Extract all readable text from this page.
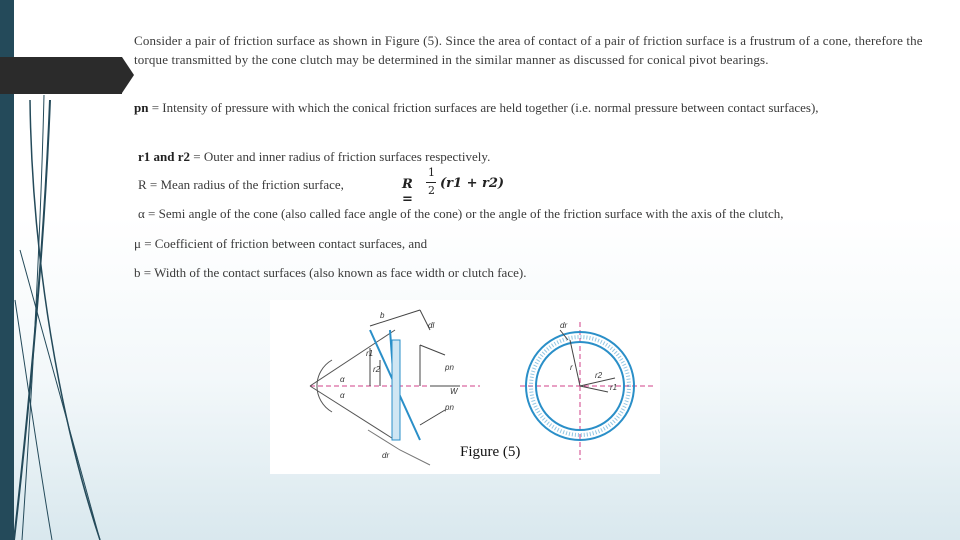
Consider a pair of friction surface as shown in Figure (5). Since the area of contact of a pair of friction surface is a frustrum of a cone, therefore the torque transmitted by the cone clutch may be determined in the similar manner as discussed for conical pivot bearings.
pn = Intensity of pressure with which the conical friction surfaces are held together (i.e. normal pressure between contact surfaces),
r1 and r2 = Outer and inner radius of friction surfaces respectively.
R = Mean radius of the friction surface,	R =
1
2 (r1 + r2)
α = Semi angle of the cone (also called face angle of the cone) or the angle of the friction surface with the axis of the clutch,
μ = Coefficient of friction between contact surfaces, and
b = Width of the contact surfaces (also known as face width or clutch face).
b
dl
r1
r2	pn
W
pn
α
α
dr
dr
r
r2
r1
Figure (5)
